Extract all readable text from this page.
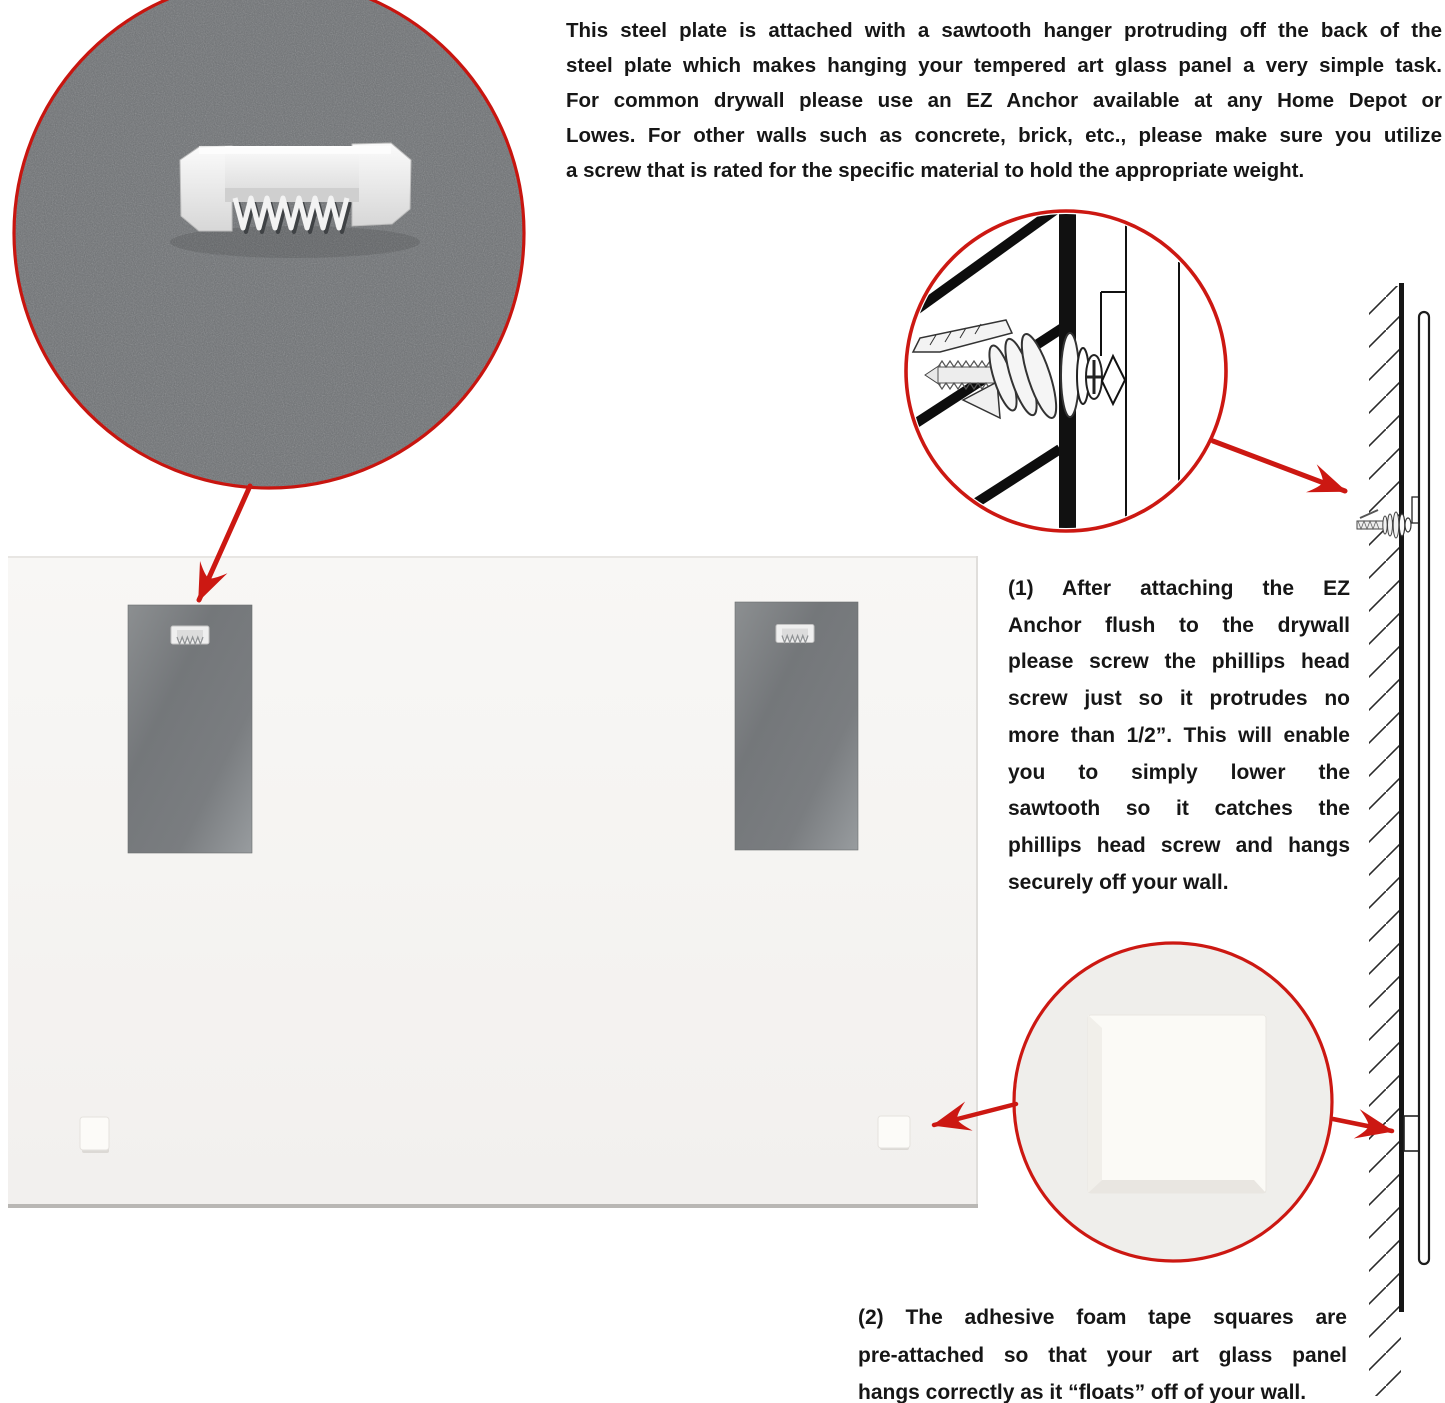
This steel plate is attached with a sawtooth hanger protruding off the back of the
steel plate which makes hanging your tempered art glass panel a very simple task.
For common drywall please use an EZ Anchor available at any Home Depot or
Lowes. For other walls such as concrete, brick, etc., please make sure you utilize
a screw that is rated for the specific material to hold the appropriate weight.
(1) After attaching the EZ
Anchor flush to the drywall
please screw the phillips head
screw just so it protrudes no
more than 1/2”. This will enable
you to simply lower the
sawtooth so it catches the
phillips head screw and hangs
securely off your wall.
(2) The adhesive foam tape squares are
pre-attached so that your art glass panel
hangs correctly as it “floats” off of your wall.
